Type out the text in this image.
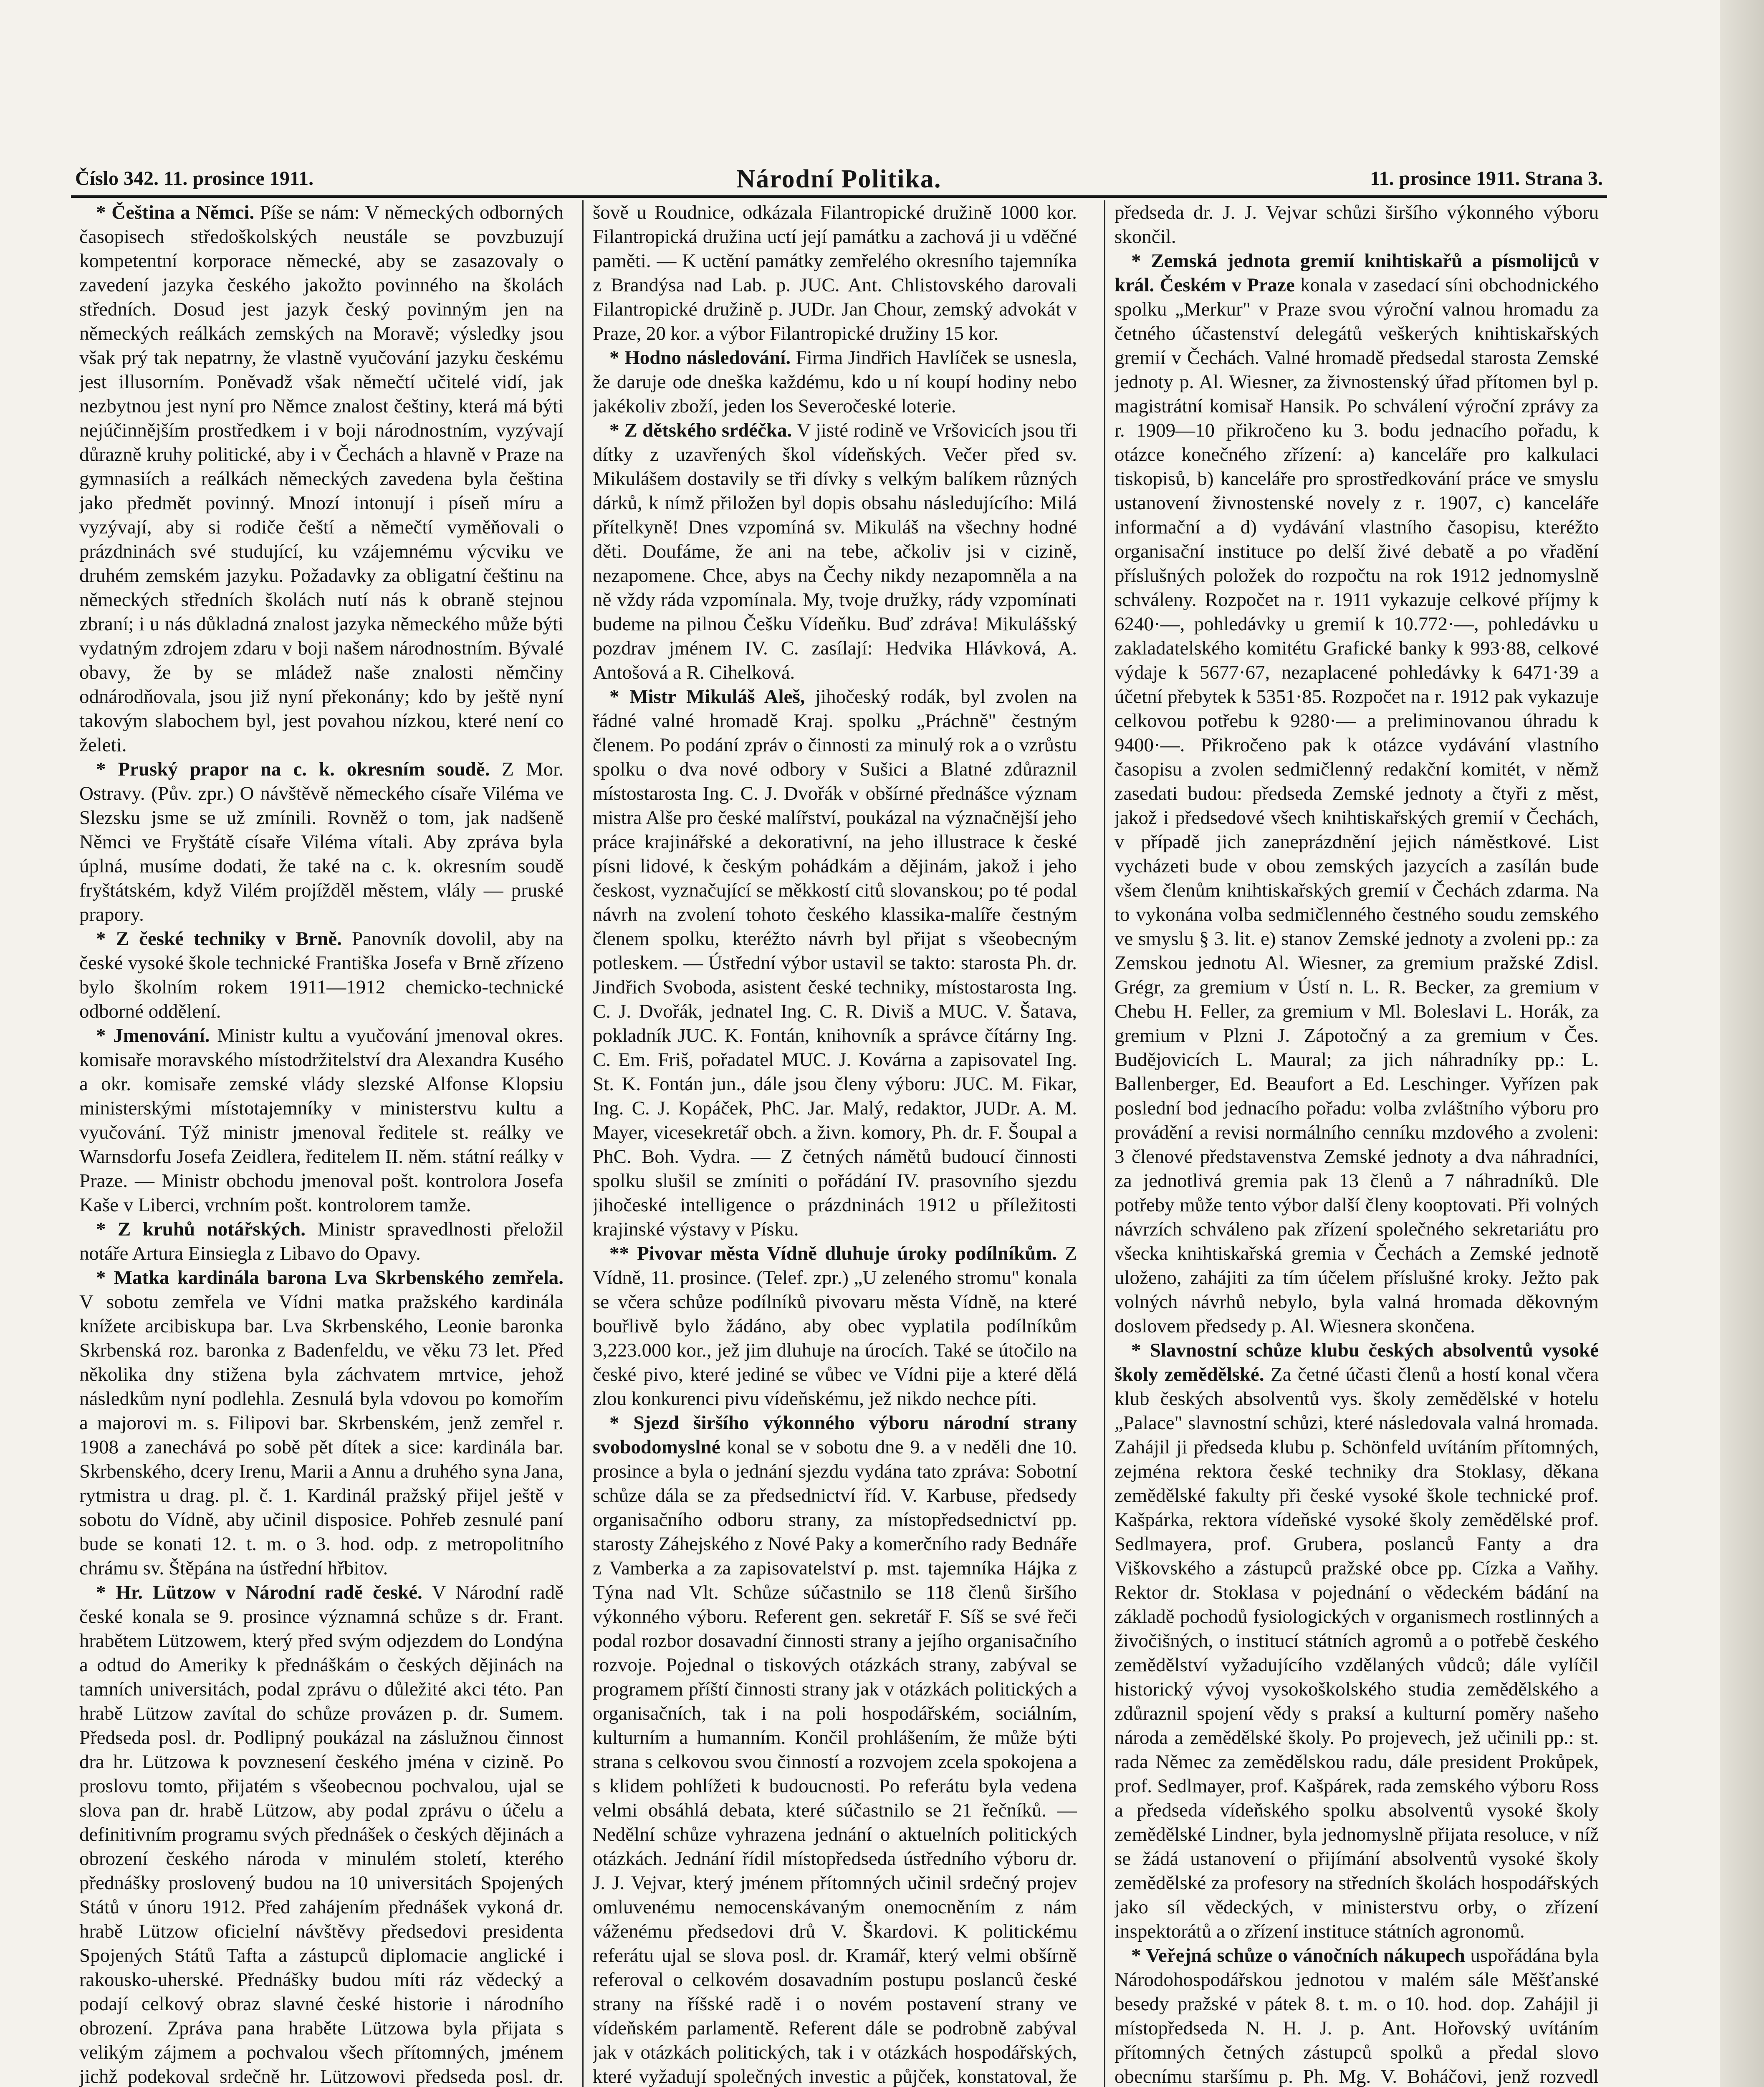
Číslo 342. 11. prosince 1911.	Národní Politika.	11. prosince 1911. Strana 3.

* Čeština a Němci. Píše se nám: V německých odborných časopisech středoškolských neustále se povzbuzují kompetentní korporace německé, aby se zasazovaly o zavedení jazyka českého jakožto povinného na školách středních. Dosud jest jazyk český povinným jen na německých reálkách zemských na Moravě; výsledky jsou však prý tak nepatrny, že vlastně vyučování jazyku českému jest illusorním. Poněvadž však němečtí učitelé vidí, jak nezbytnou jest nyní pro Němce znalost češtiny, která má býti nejúčinnějším prostředkem i v boji národnostním, vyzývají důrazně kruhy politické, aby i v Čechách a hlavně v Praze na gymnasiích a reálkách německých zavedena byla čeština jako předmět povinný. Mnozí intonují i píseň míru a vyzývají, aby si rodiče čeští a němečtí vyměňovali o prázdninách své studující, ku vzájemnému výcviku ve druhém zemském jazyku. Požadavky za obligatní češtinu na německých středních školách nutí nás k obraně stejnou zbraní; i u nás důkladná znalost jazyka německého může býti vydatným zdrojem zdaru v boji našem národnostním. Bývalé obavy, že by se mládež naše znalosti němčiny odnárodňovala, jsou již nyní překonány; kdo by ještě nyní takovým slabochem byl, jest povahou nízkou, které není co želeti.

* Pruský prapor na c. k. okresním soudě. Z Mor. Ostravy. (Pův. zpr.) O návštěvě německého císaře Viléma ve Slezsku jsme se už zmínili. Rovněž o tom, jak nadšeně Němci ve Fryštátě císaře Viléma vítali. Aby zpráva byla úplná, musíme dodati, že také na c. k. okresním soudě fryštátském, když Vilém projížděl městem, vlály — pruské prapory.

* Z české techniky v Brně. Panovník dovolil, aby na české vysoké škole technické Františka Josefa v Brně zřízeno bylo školním rokem 1911—1912 chemicko-technické odborné oddělení.

* Jmenování. Ministr kultu a vyučování jmenoval okres. komisaře moravského místodržitelství dra Alexandra Kusého a okr. komisaře zemské vlády slezské Alfonse Klopsiu ministerskými místotajemníky v ministerstvu kultu a vyučování. Týž ministr jmenoval ředitele st. reálky ve Warnsdorfu Josefa Zeidlera, ředitelem II. něm. státní reálky v Praze. — Ministr obchodu jmenoval pošt. kontrolora Josefa Kaše v Liberci, vrchním pošt. kontrolorem tamže.

* Z kruhů notářských. Ministr spravedlnosti přeložil notáře Artura Einsiegla z Libavo do Opavy.

* Matka kardinála barona Lva Skrbenského zemřela. V sobotu zemřela ve Vídni matka pražského kardinála knížete arcibiskupa bar. Lva Skrbenského, Leonie baronka Skrbenská roz. baronka z Badenfeldu, ve věku 73 let. Před několika dny stižena byla záchvatem mrtvice, jehož následkům nyní podlehla. Zesnulá byla vdovou po komořím a majorovi m. s. Filipovi bar. Skrbenském, jenž zemřel r. 1908 a zanechává po sobě pět dítek a sice: kardinála bar. Skrbenského, dcery Irenu, Marii a Annu a druhého syna Jana, rytmistra u drag. pl. č. 1. Kardinál pražský přijel ještě v sobotu do Vídně, aby učinil disposice. Pohřeb zesnulé paní bude se konati 12. t. m. o 3. hod. odp. z metropolitního chrámu sv. Štěpána na ústřední hřbitov.

* Hr. Lützow v Národní radě české. V Národní radě české konala se 9. prosince významná schůze s dr. Frant. hrabětem Lützowem, který před svým odjezdem do Londýna a odtud do Ameriky k přednáškám o českých dějinách na tamních universitách, podal zprávu o důležité akci této. Pan hrabě Lützow zavítal do schůze provázen p. dr. Sumem. Předseda posl. dr. Podlipný poukázal na záslužnou činnost dra hr. Lützowa k povznesení českého jména v cizině. Po proslovu tomto, přijatém s všeobecnou pochvalou, ujal se slova pan dr. hrabě Lützow, aby podal zprávu o účelu a definitivním programu svých přednášek o českých dějinách a obrození českého národa v minulém století, kterého přednášky proslovený budou na 10 universitách Spojených Států v únoru 1912. Před zahájením přednášek vykoná dr. hrabě Lützow oficielní návštěvy předsedovi presidenta Spojených Států Tafta a zástupců diplomacie anglické i rakousko-uherské. Přednášky budou míti ráz vědecký a podají celkový obraz slavné české historie i národního obrození. Zpráva pana hraběte Lützowa byla přijata s velikým zájmem a pochvalou všech přítomných, jménem jichž podekoval srdečně hr. Lützowovi předseda posl. dr.

šově u Roudnice, odkázala Filantropické družině 1000 kor. Filantropická družina uctí její památku a zachová ji u vděčné paměti. — K uctění památky zemřelého okresního tajemníka z Brandýsa nad Lab. p. JUC. Ant. Chlistovského darovali Filantropické družině p. JUDr. Jan Chour, zemský advokát v Praze, 20 kor. a výbor Filantropické družiny 15 kor.

* Hodno následování. Firma Jindřich Havlíček se usnesla, že daruje ode dneška každému, kdo u ní koupí hodiny nebo jakékoliv zboží, jeden los Severočeské loterie.

* Z dětského srdéčka. V jisté rodině ve Vršovicích jsou tři dítky z uzavřených škol vídeňských. Večer před sv. Mikulášem dostavily se tři dívky s velkým balíkem různých dárků, k nímž přiložen byl dopis obsahu následujícího: Milá přítelkyně! Dnes vzpomíná sv. Mikuláš na všechny hodné děti. Doufáme, že ani na tebe, ačkoliv jsi v cizině, nezapomene. Chce, abys na Čechy nikdy nezapomněla a na ně vždy ráda vzpomínala. My, tvoje družky, rády vzpomínati budeme na pilnou Češku Vídeňku. Buď zdráva! Mikulášský pozdrav jménem IV. C. zasílají: Hedvika Hlávková, A. Antošová a R. Cihelková.

* Mistr Mikuláš Aleš, jihočeský rodák, byl zvolen na řádné valné hromadě Kraj. spolku „Práchně" čestným členem. Po podání zpráv o činnosti za minulý rok a o vzrůstu spolku o dva nové odbory v Sušici a Blatné zdůraznil místostarosta Ing. C. J. Dvořák v obšírné přednášce význam mistra Alše pro české malířství, poukázal na význačnější jeho práce krajinářské a dekorativní, na jeho illustrace k české písni lidové, k českým pohádkám a dějinám, jakož i jeho českost, vyznačující se měkkostí citů slovanskou; po té podal návrh na zvolení tohoto českého klassika-malíře čestným členem spolku, kteréžto návrh byl přijat s všeobecným potleskem. — Ústřední výbor ustavil se takto: starosta Ph. dr. Jindřich Svoboda, asistent české techniky, místostarosta Ing. C. J. Dvořák, jednatel Ing. C. R. Diviš a MUC. V. Šatava, pokladník JUC. K. Fontán, knihovník a správce čítárny Ing. C. Em. Friš, pořadatel MUC. J. Kovárna a zapisovatel Ing. St. K. Fontán jun., dále jsou členy výboru: JUC. M. Fikar, Ing. C. J. Kopáček, PhC. Jar. Malý, redaktor, JUDr. A. M. Mayer, vicesekretář obch. a živn. komory, Ph. dr. F. Šoupal a PhC. Boh. Vydra. — Z četných námětů budoucí činnosti spolku slušil se zmíniti o pořádání IV. prasovního sjezdu jihočeské intelligence o prázdninách 1912 u příležitosti krajinské výstavy v Písku.

** Pivovar města Vídně dluhuje úroky podílníkům. Z Vídně, 11. prosince. (Telef. zpr.) „U zeleného stromu" konala se včera schůze podílníků pivovaru města Vídně, na které bouřlivě bylo žádáno, aby obec vyplatila podílníkům 3,223.000 kor., jež jim dluhuje na úrocích. Také se útočilo na české pivo, které jediné se vůbec ve Vídni pije a které dělá zlou konkurenci pivu vídeňskému, jež nikdo nechce píti.

* Sjezd širšího výkonného výboru národní strany svobodomyslné konal se v sobotu dne 9. a v neděli dne 10. prosince a byla o jednání sjezdu vydána tato zpráva: Sobotní schůze dála se za předsednictví říd. V. Karbuse, předsedy organisačního odboru strany, za místopředsednictví pp. starosty Záhejského z Nové Paky a komerčního rady Bednáře z Vamberka a za zapisovatelství p. mst. tajemníka Hájka z Týna nad Vlt. Schůze súčastnilo se 118 členů širšího výkonného výboru. Referent gen. sekretář F. Síš se své řeči podal rozbor dosavadní činnosti strany a jejího organisačního rozvoje. Pojednal o tiskových otázkách strany, zabýval se programem příští činnosti strany jak v otázkách politických a organisačních, tak i na poli hospodářském, sociálním, kulturním a humanním. Končil prohlášením, že může býti strana s celkovou svou činností a rozvojem zcela spokojena a s klidem pohlížeti k budoucnosti. Po referátu byla vedena velmi obsáhlá debata, které súčastnilo se 21 řečníků. — Nedělní schůze vyhrazena jednání o aktuelních politických otázkách. Jednání řídil místopředseda ústředního výboru dr. J. J. Vejvar, který jménem přítomných učinil srdečný projev omluvenému nemocenskávaným onemocněním z nám váženému předsedovi drů V. Škardovi. K politickému referátu ujal se slova posl. dr. Kramář, který velmi obšírně referoval o celkovém dosavadním postupu poslanců české strany na říšské radě i o novém postavení strany ve vídeňském parlamentě. Referent dále se podrobně zabýval jak v otázkách politických, tak i v otázkách hospodářských, které vyžadují společných investic a půjček, konstatoval, že

předseda dr. J. J. Vejvar schůzi širšího výkonného výboru skončil.

* Zemská jednota gremií knihtiskařů a písmolijců v král. Českém v Praze konala v zasedací síni obchodnického spolku „Merkur" v Praze svou výroční valnou hromadu za četného účastenství delegátů veškerých knihtiskařských gremií v Čechách. Valné hromadě předsedal starosta Zemské jednoty p. Al. Wiesner, za živnostenský úřad přítomen byl p. magistrátní komisař Hansik. Po schválení výroční zprávy za r. 1909—10 přikročeno ku 3. bodu jednacího pořadu, k otázce konečného zřízení: a) kanceláře pro kalkulaci tiskopisů, b) kanceláře pro sprostředkování práce ve smyslu ustanovení živnostenské novely z r. 1907, c) kanceláře informační a d) vydávání vlastního časopisu, kteréžto organisační instituce po delší živé debatě a po vřadění příslušných položek do rozpočtu na rok 1912 jednomyslně schváleny. Rozpočet na r. 1911 vykazuje celkové příjmy k 6240·—, pohledávky u gremií k 10.772·—, pohledávku u zakladatelského komitétu Grafické banky k 993·88, celkové výdaje k 5677·67, nezaplacené pohledávky k 6471·39 a účetní přebytek k 5351·85. Rozpočet na r. 1912 pak vykazuje celkovou potřebu k 9280·— a preliminovanou úhradu k 9400·—. Přikročeno pak k otázce vydávání vlastního časopisu a zvolen sedmičlenný redakční komitét, v němž zasedati budou: předseda Zemské jednoty a čtyři z měst, jakož i předsedové všech knihtiskařských gremií v Čechách, v případě jich zaneprázdnění jejich náměstkové. List vycházeti bude v obou zemských jazycích a zasílán bude všem členům knihtiskařských gremií v Čechách zdarma. Na to vykonána volba sedmičlenného čestného soudu zemského ve smyslu § 3. lit. e) stanov Zemské jednoty a zvoleni pp.: za Zemskou jednotu Al. Wiesner, za gremium pražské Zdisl. Grégr, za gremium v Ústí n. L. R. Becker, za gremium v Chebu H. Feller, za gremium v Ml. Boleslavi L. Horák, za gremium v Plzni J. Zápotočný a za gremium v Čes. Budějovicích L. Maural; za jich náhradníky pp.: L. Ballenberger, Ed. Beaufort a Ed. Leschinger. Vyřízen pak poslední bod jednacího pořadu: volba zvláštního výboru pro provádění a revisi normálního cenníku mzdového a zvoleni: 3 členové představenstva Zemské jednoty a dva náhradníci, za jednotlivá gremia pak 13 členů a 7 náhradníků. Dle potřeby může tento výbor další členy kooptovati. Při volných návrzích schváleno pak zřízení společného sekretariátu pro všecka knihtiskařská gremia v Čechách a Zemské jednotě uloženo, zahájiti za tím účelem příslušné kroky. Ježto pak volných návrhů nebylo, byla valná hromada děkovným doslovem předsedy p. Al. Wiesnera skončena.

* Slavnostní schůze klubu českých absolventů vysoké školy zemědělské. Za četné účasti členů a hostí konal včera klub českých absolventů vys. školy zemědělské v hotelu „Palace" slavnostní schůzi, které následovala valná hromada. Zahájil ji předseda klubu p. Schönfeld uvítáním přítomných, zejména rektora české techniky dra Stoklasy, děkana zemědělské fakulty při české vysoké škole technické prof. Kašpárka, rektora vídeňské vysoké školy zemědělské prof. Sedlmayera, prof. Grubera, poslanců Fanty a dra Viškovského a zástupců pražské obce pp. Cízka a Vaňhy. Rektor dr. Stoklasa v pojednání o vědeckém bádání na základě pochodů fysiologických v organismech rostlinných a živočišných, o institucí státních agromů a o potřebě českého zemědělství vyžadujícího vzdělaných vůdců; dále vylíčil historický vývoj vysokoškolského studia zemědělského a zdůraznil spojení vědy s praksí a kulturní poměry našeho národa a zemědělské školy. Po projevech, jež učinili pp.: st. rada Němec za zemědělskou radu, dále president Prokůpek, prof. Sedlmayer, prof. Kašpárek, rada zemského výboru Ross a předseda vídeňského spolku absolventů vysoké školy zemědělské Lindner, byla jednomyslně přijata resoluce, v níž se žádá ustanovení o přijímání absolventů vysoké školy zemědělské za profesory na středních školách hospodářských jako síl vědeckých, v ministerstvu orby, o zřízení inspektorátů a o zřízení instituce státních agronomů.

* Veřejná schůze o vánočních nákupech uspořádána byla Národohospodářskou jednotou v malém sále Měšťanské besedy pražské v pátek 8. t. m. o 10. hod. dop. Zahájil ji místopředseda N. H. J. p. Ant. Hořovský uvítáním přítomných četných zástupců spolků a předal slovo obecnímu staršímu p. Ph. Mg. V. Boháčovi, jenž rozvedl
